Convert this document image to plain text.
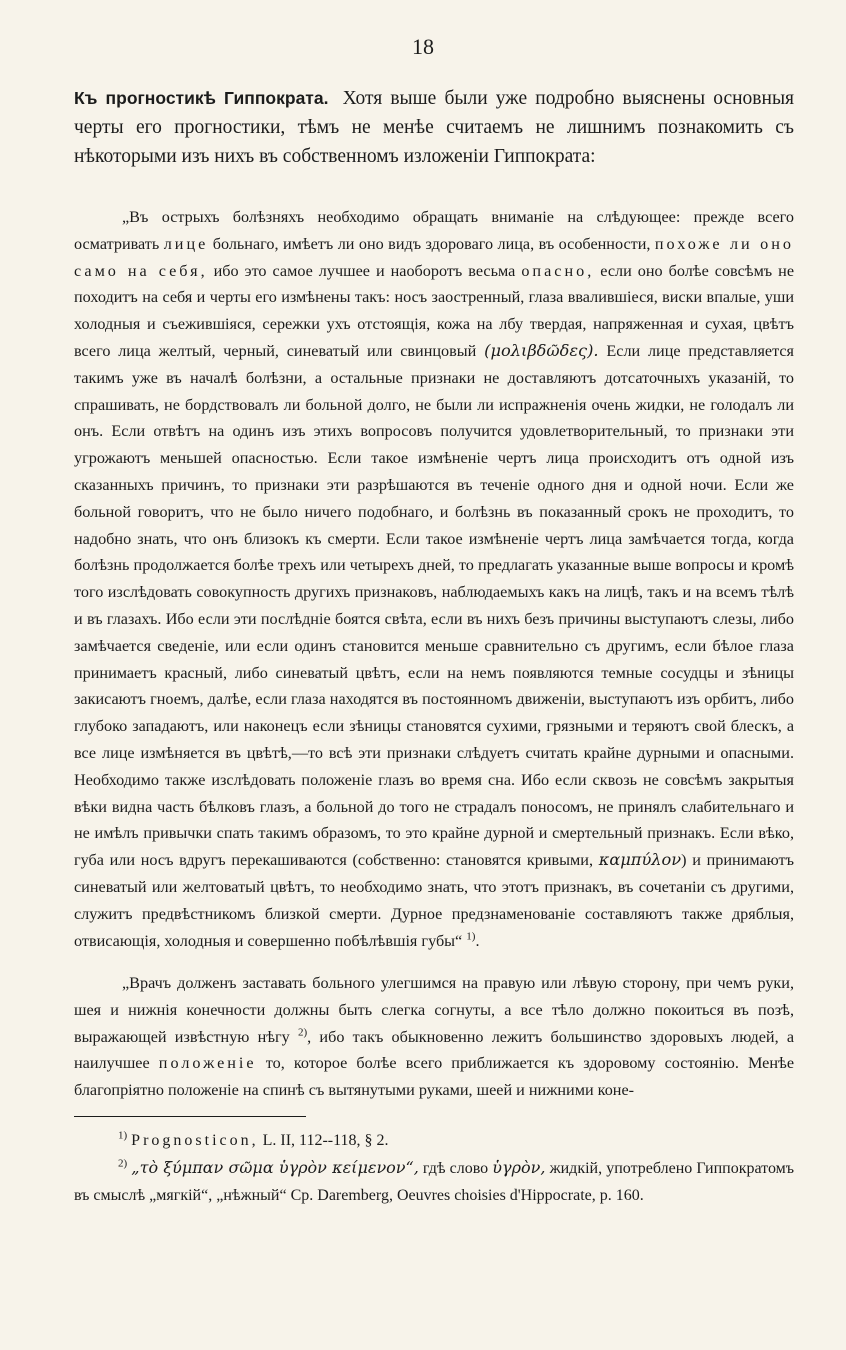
18
Къ прогностикѣ Гиппократа. Хотя выше были уже подробно выяснены основныя черты его прогностики, тѣмъ не менѣе считаемъ не лишнимъ познакомить съ нѣкоторыми изъ нихъ въ собственномъ изложеніи Гиппократа:

„Въ острыхъ болѣзняхъ необходимо обращать вниманіе на слѣдующее: прежде всего осматривать лице больнаго, имѣетъ ли оно видъ здороваго лица, въ особенности, похоже ли оно само на себя, ибо это самое лучшее и наоборотъ весьма опасно, если оно болѣе совсѣмъ не походитъ на себя и черты его измѣнены такъ: носъ заостренный, глаза ввалившіеся, виски впалые, уши холодныя и съежившіяся, сережки ухъ отстоящія, кожа на лбу твердая, напряженная и сухая, цвѣтъ всего лица желтый, черный, синеватый или свинцовый (μολιβδῶδες). Если лице представляется такимъ уже въ началѣ болѣзни, а остальные признаки не доставляютъ дотсаточныхъ указаній, то спрашивать, не бордствовалъ ли больной долго, не были ли испражненія очень жидки, не голодалъ ли онъ. Если отвѣтъ на одинъ изъ этихъ вопросовъ получится удовлетворительный, то признаки эти угрожаютъ меньшей опасностью. Если такое измѣненіе чертъ лица происходитъ отъ одной изъ сказанныхъ причинъ, то признаки эти разрѣшаются въ теченіе одного дня и одной ночи. Если же больной говоритъ, что не было ничего подобнаго, и болѣзнь въ показанный срокъ не проходитъ, то надобно знать, что онъ близокъ къ смерти. Если такое измѣненіе чертъ лица замѣчается тогда, когда болѣзнь продолжается болѣе трехъ или четырехъ дней, то предлагать указанные выше вопросы и кромѣ того изслѣдовать совокупность другихъ признаковъ, наблюдаемыхъ какъ на лицѣ, такъ и на всемъ тѣлѣ и въ глазахъ. Ибо если эти послѣдніе боятся свѣта, если въ нихъ безъ причины выступаютъ слезы, либо замѣчается сведеніе, или если одинъ становится меньше сравнительно съ другимъ, если бѣлое глаза принимаетъ красный, либо синеватый цвѣтъ, если на немъ появляются темные сосудцы и зѣницы закисаютъ гноемъ, далѣе, если глаза находятся въ постоянномъ движеніи, выступаютъ изъ орбитъ, либо глубоко западаютъ, или наконецъ если зѣницы становятся сухими, грязными и теряютъ свой блескъ, а все лице измѣняется въ цвѣтѣ,—то всѣ эти признаки слѣдуетъ считать крайне дурными и опасными. Необходимо также изслѣдовать положеніе глазъ во время сна. Ибо если сквозь не совсѣмъ закрытыя вѣки видна часть бѣлковъ глазъ, а больной до того не страдалъ поносомъ, не принялъ слабительнаго и не имѣлъ привычки спать такимъ образомъ, то это крайне дурной и смертельный признакъ. Если вѣко, губа или носъ вдругъ перекашиваются (собственно: становятся кривыми, καμπύλον) и принимаютъ синеватый или желтоватый цвѣтъ, то необходимо знать, что этотъ признакъ, въ сочетаніи съ другими, служитъ предвѣстникомъ близкой смерти. Дурное предзнаменованіе составляютъ также дряблыя, отвисающія, холодныя и совершенно побѣлѣвшія губы“ $^{1)}$.

„Врачъ долженъ заставать больного улегшимся на правую или лѣвую сторону, при чемъ руки, шея и нижнія конечности должны быть слегка согнуты, а все тѣло должно покоиться въ позѣ, выражающей извѣстную нѣгу $^{2)}$, ибо такъ обыкновенно лежитъ большинство здоровыхъ людей, а наилучшее положеніе то, которое болѣе всего приближается къ здоровому состоянію. Менѣе благопріятно положеніе на спинѣ съ вытянутыми руками, шеей и нижними коне-

$^{1)}$ Prognosticon, L. II, 112--118, § 2.

$^{2)}$ „τὸ ξύμπαν σῶμα ὑγρὸν κείμενον“, гдѣ слово ὑγρὸν, жидкій, употреблено Гиппократомъ въ смыслѣ „мягкій“, „нѣжный“ Ср. Daremberg, Oeuvres choisies d'Hippocrate, p. 160.
